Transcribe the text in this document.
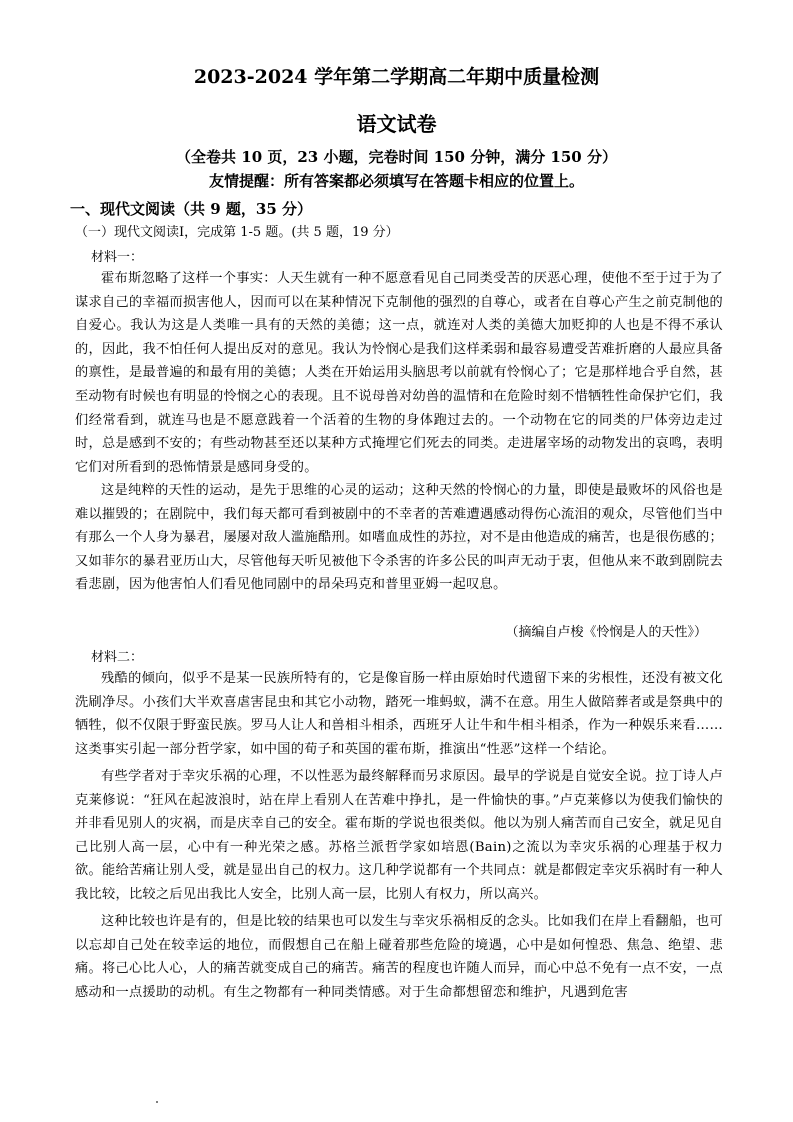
2023-2024 学年第二学期高二年期中质量检测
语文试卷
（全卷共 10 页，23 小题，完卷时间 150 分钟，满分 150 分）
友情提醒：所有答案都必须填写在答题卡相应的位置上。
一、现代文阅读（共 9 题，35 分）
（一）现代文阅读Ⅰ，完成第 1-5 题。(共 5 题，19 分）
材料一：

霍布斯忽略了这样一个事实：人天生就有一种不愿意看见自己同类受苦的厌恶心理，使他不至于过于为了谋求自己的幸福而损害他人，因而可以在某种情况下克制他的强烈的自尊心，或者在自尊心产生之前克制他的自爱心。我认为这是人类唯一具有的天然的美德；这一点，就连对人类的美德大加贬抑的人也是不得不承认的，因此，我不怕任何人提出反对的意见。我认为怜悯心是我们这样柔弱和最容易遭受苦难折磨的人最应具备的禀性，是最普遍的和最有用的美德；人类在开始运用头脑思考以前就有怜悯心了；它是那样地合乎自然，甚至动物有时候也有明显的怜悯之心的表现。且不说母兽对幼兽的温情和在危险时刻不惜牺牲性命保护它们，我们经常看到，就连马也是不愿意践着一个活着的生物的身体跑过去的。一个动物在它的同类的尸体旁边走过时，总是感到不安的；有些动物甚至还以某种方式掩埋它们死去的同类。走进屠宰场的动物发出的哀鸣，表明它们对所看到的恐怖情景是感同身受的。

这是纯粹的天性的运动，是先于思维的心灵的运动；这种天然的怜悯心的力量，即使是最败坏的风俗也是难以摧毁的；在剧院中，我们每天都可看到被剧中的不幸者的苦难遭遇感动得伤心流泪的观众，尽管他们当中有那么一个人身为暴君，屡屡对敌人滥施酷刑。如嗜血成性的苏拉，对不是由他造成的痛苦，也是很伤感的；又如菲尔的暴君亚历山大，尽管他每天听见被他下令杀害的许多公民的叫声无动于衷，但他从来不敢到剧院去看悲剧，因为他害怕人们看见他同剧中的昂朵玛克和普里亚姆一起叹息。

（摘编自卢梭《怜悯是人的天性》）
材料二：

残酷的倾向，似乎不是某一民族所特有的，它是像盲肠一样由原始时代遗留下来的劣根性，还没有被文化洗刷净尽。小孩们大半欢喜虐害昆虫和其它小动物，踏死一堆蚂蚁，满不在意。用生人做陪葬者或是祭典中的牺牲，似不仅限于野蛮民族。罗马人让人和兽相斗相杀，西班牙人让牛和牛相斗相杀，作为一种娱乐来看……这类事实引起一部分哲学家，如中国的荀子和英国的霍布斯，推演出“性恶”这样一个结论。

有些学者对于幸灾乐祸的心理，不以性恶为最终解释而另求原因。最早的学说是自觉安全说。拉丁诗人卢克莱修说：“狂风在起波浪时，站在岸上看别人在苦难中挣扎，是一件愉快的事。”卢克莱修以为使我们愉快的并非看见别人的灾祸，而是庆幸自己的安全。霍布斯的学说也很类似。他以为别人痛苦而自己安全，就足见自己比别人高一层，心中有一种光荣之感。苏格兰派哲学家如培恩(Bain)之流以为幸灾乐祸的心理基于权力欲。能给苦痛让别人受，就是显出自己的权力。这几种学说都有一个共同点：就是都假定幸灾乐祸时有一种人我比较，比较之后见出我比人安全，比别人高一层，比别人有权力，所以高兴。

这种比较也许是有的，但是比较的结果也可以发生与幸灾乐祸相反的念头。比如我们在岸上看翻船，也可以忘却自己处在较幸运的地位，而假想自己在船上碰着那些危险的境遇，心中是如何惶恐、焦急、绝望、悲痛。将己心比人心，人的痛苦就变成自己的痛苦。痛苦的程度也许随人而异，而心中总不免有一点不安，一点感动和一点援助的动机。有生之物都有一种同类情感。对于生命都想留恋和维护，凡遇到危害
